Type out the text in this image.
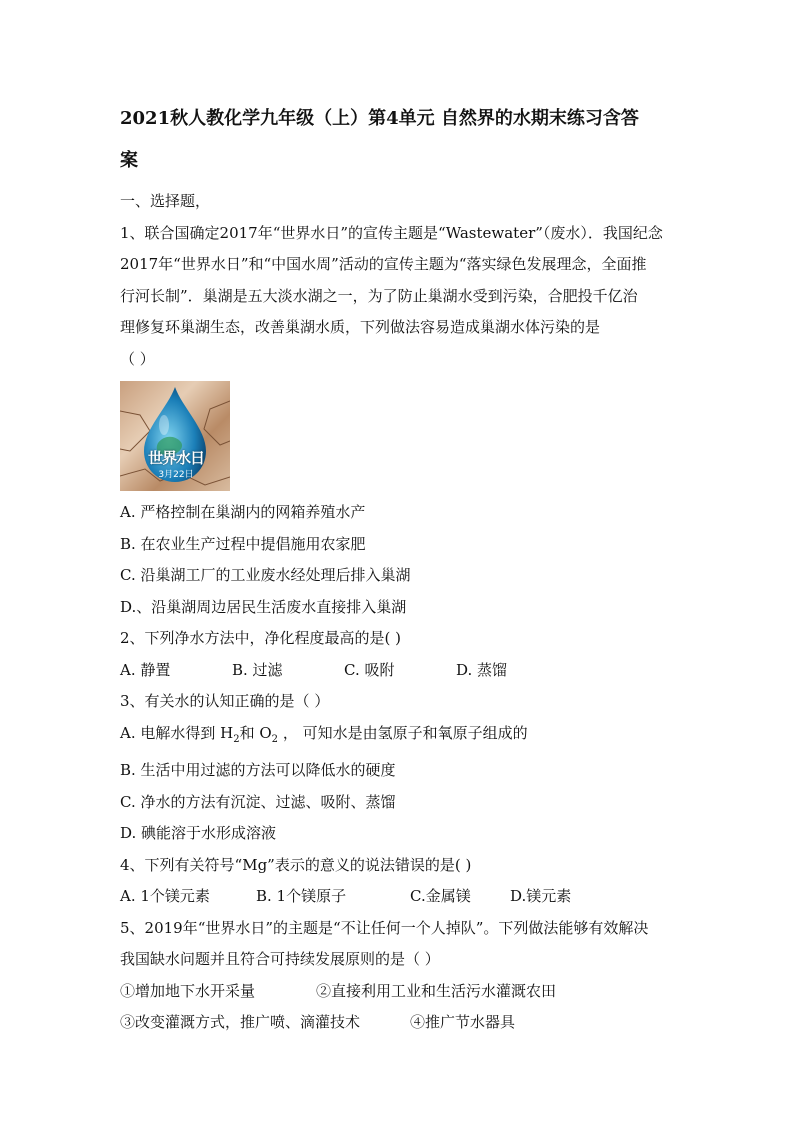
2021秋人教化学九年级（上）第4单元 自然界的水期末练习含答
案
一、选择题，
1、联合国确定2017年“世界水日”的宣传主题是“Wastewater”（废水）．我国纪念
2017年“世界水日”和“中国水周”活动的宣传主题为“落实绿色发展理念，全面推
行河长制”．巢湖是五大淡水湖之一，为了防止巢湖水受到污染，合肥投千亿治
理修复环巢湖生态，改善巢湖水质，下列做法容易造成巢湖水体污染的是
（ ）
世界水日
3月22日
A. 严格控制在巢湖内的网箱养殖水产
B. 在农业生产过程中提倡施用农家肥
C. 沿巢湖工厂的工业废水经处理后排入巢湖
D.、沿巢湖周边居民生活废水直接排入巢湖
2、下列净水方法中，净化程度最高的是( )
A. 静置	B. 过滤	C. 吸附	D. 蒸馏
3、有关水的认知正确的是（ ）
A. 电解水得到 $H_2$和 $O_2$ ， 可知水是由氢原子和氧原子组成的
B. 生活中用过滤的方法可以降低水的硬度
C. 净水的方法有沉淀、过滤、吸附、蒸馏
D. 碘能溶于水形成溶液
4、下列有关符号“Mg”表示的意义的说法错误的是( )
A. 1个镁元素	B. 1个镁原子	C.金属镁	D.镁元素
5、2019年“世界水日”的主题是“不让任何一个人掉队”。下列做法能够有效解决
我国缺水问题并且符合可持续发展原则的是（ ）
①增加地下水开采量	②直接利用工业和生活污水灌溉农田
③改变灌溉方式，推广喷、滴灌技术	④推广节水器具
